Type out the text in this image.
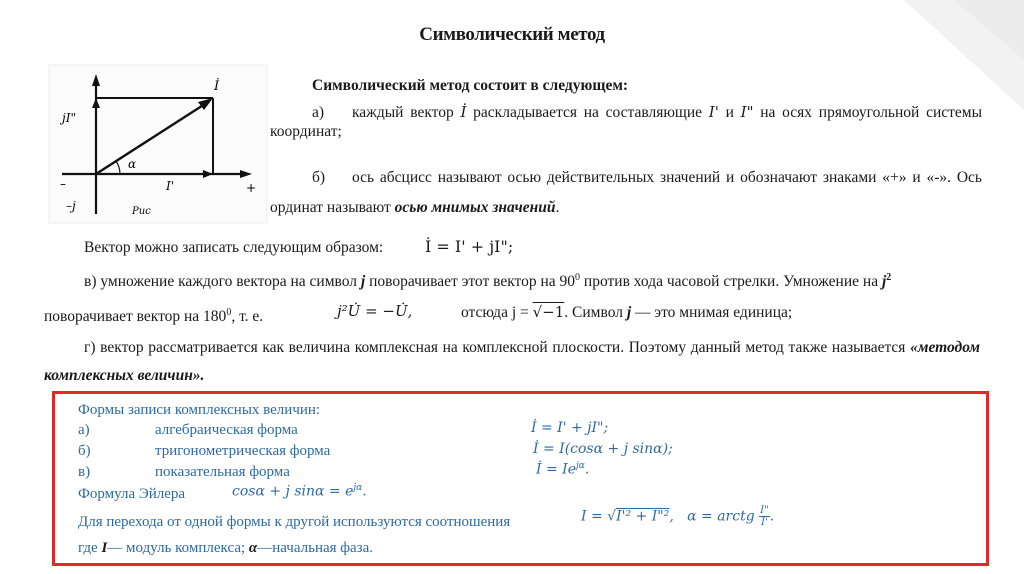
Символический метод
İ
jI"
I'
α
+
–
–j	Рис
Символический метод состоит в следующем:
а) каждый вектор İ раскладывается на составляющие I' и I" на осях прямоугольной системы координат;
б) ось абсцисс называют осью действительных значений и обозначают знаками «+» и «-». Ось ординат называют осью мнимых значений.
Вектор можно записать следующим образом:	İ = I' + jI";
в) умножение каждого вектора на символ j поворачивает этот вектор на $90^0$ против хода часовой стрелки. Умножение на $j^2$
поворачивает вектор на $180^0$, т. е.	j²U̇ = −U̇,	отсюда j = √−1. Символ j — это мнимая единица;
г) вектор рассматривается как величина комплексная на комплексной плоскости. Поэтому данный метод также называется «методом комплексных величин».
Формы записи комплексных величин:
а)	алгебраическая форма	İ = I' + jI";
б)	тригонометрическая форма	İ = I(cosα + j sinα);
в)	показательная форма	İ = $Ie^{j\alpha}$.
Формула Эйлера	cosα + j $\sin\alpha = e^{j\alpha}$.
Для перехода от одной формы к другой используются соотношения	I = √I'² + I"²,   α = arctg $\frac{I"}{I'}$ .
где I— модуль комплекса; α—начальная фаза.
